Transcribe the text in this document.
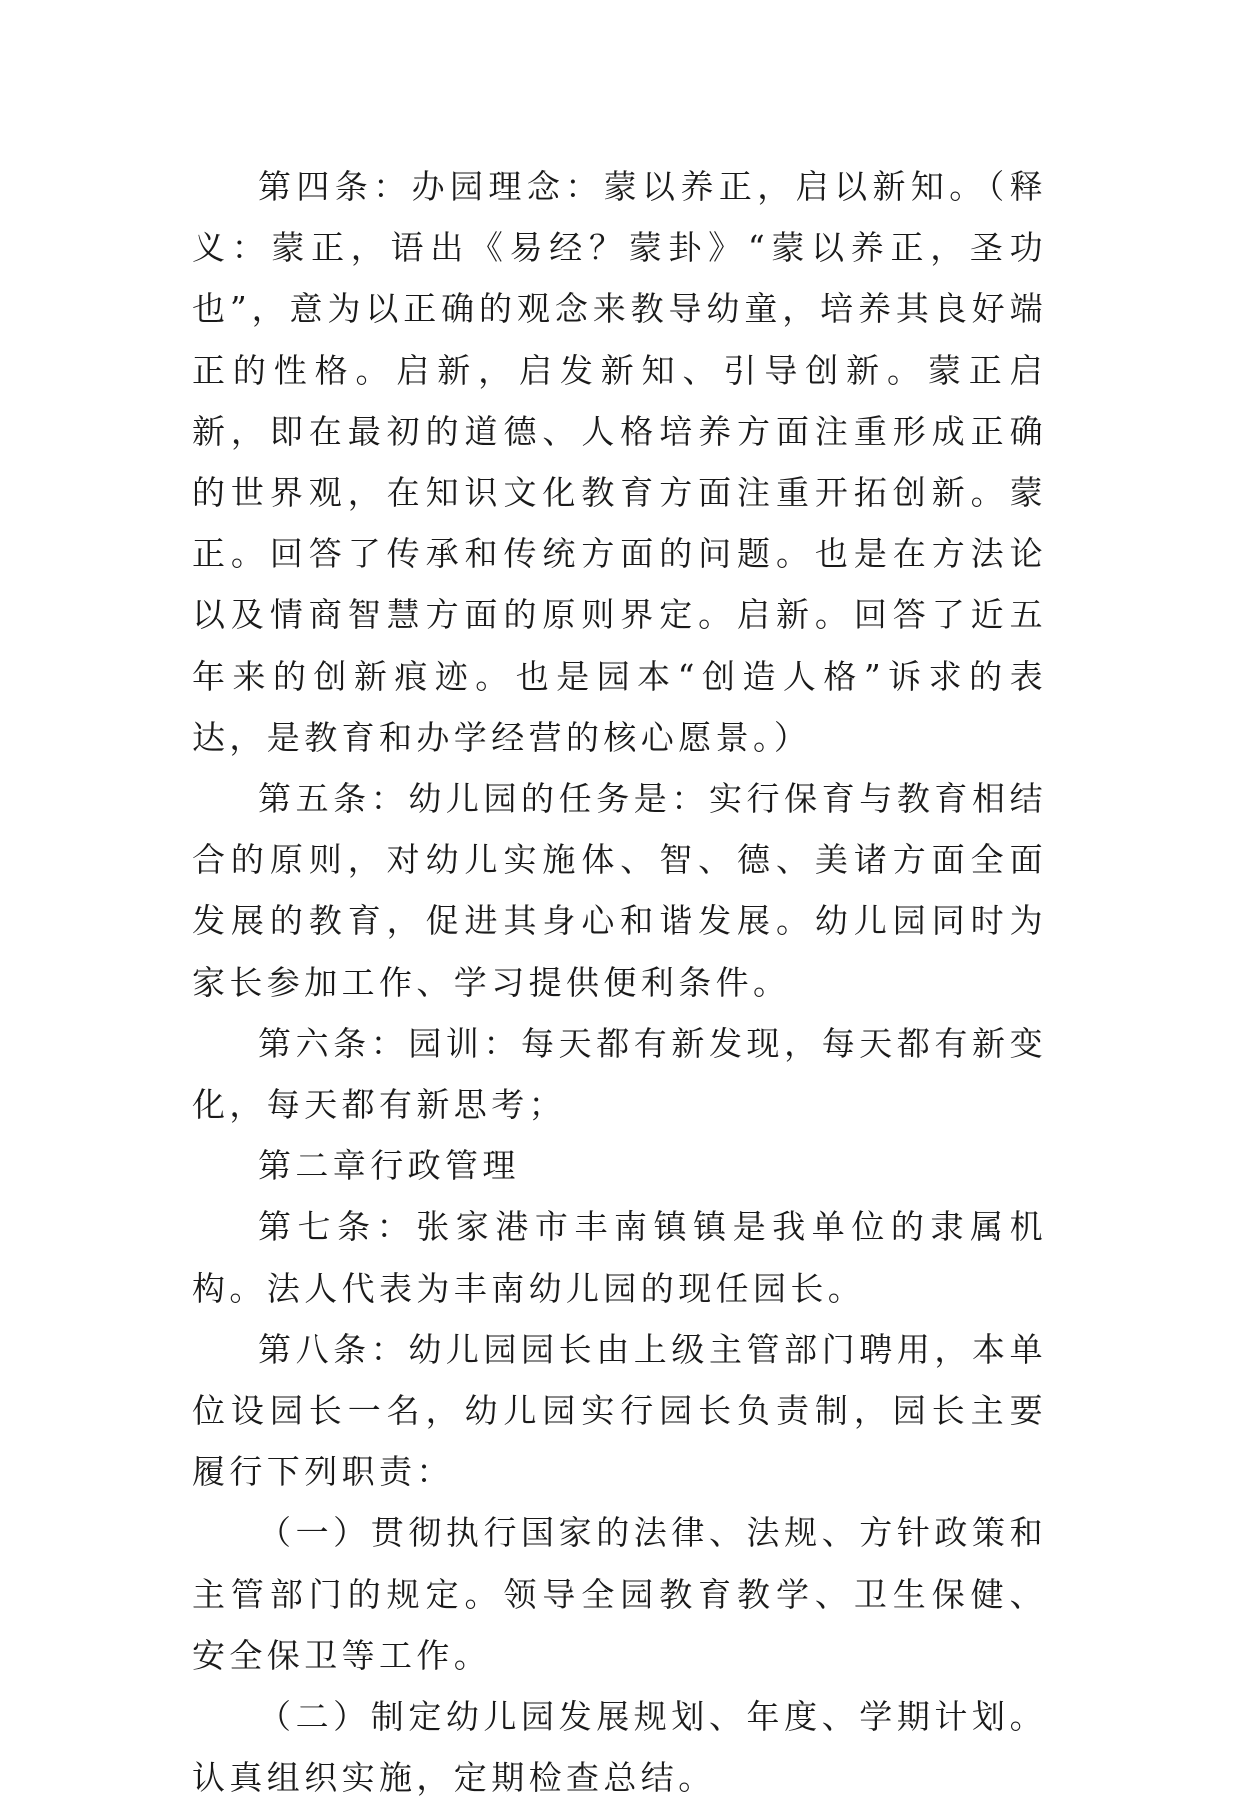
第四条：办园理念：蒙以养正，启以新知。（释义：蒙正，语出《易经？蒙卦》“蒙以养正，圣功也”，意为以正确的观念来教导幼童，培养其良好端正的性格。启新，启发新知、引导创新。蒙正启新，即在最初的道德、人格培养方面注重形成正确的世界观，在知识文化教育方面注重开拓创新。蒙正。回答了传承和传统方面的问题。也是在方法论以及情商智慧方面的原则界定。启新。回答了近五年来的创新痕迹。也是园本“创造人格”诉求的表达，是教育和办学经营的核心愿景。）

第五条：幼儿园的任务是：实行保育与教育相结合的原则，对幼儿实施体、智、德、美诸方面全面发展的教育，促进其身心和谐发展。幼儿园同时为家长参加工作、学习提供便利条件。

第六条：园训：每天都有新发现，每天都有新变化，每天都有新思考；

第二章行政管理

第七条：张家港市丰南镇镇是我单位的隶属机构。法人代表为丰南幼儿园的现任园长。

第八条：幼儿园园长由上级主管部门聘用，本单位设园长一名，幼儿园实行园长负责制，园长主要履行下列职责：

（一）贯彻执行国家的法律、法规、方针政策和主管部门的规定。领导全园教育教学、卫生保健、安全保卫等工作。

（二）制定幼儿园发展规划、年度、学期计划。认真组织实施，定期检查总结。
